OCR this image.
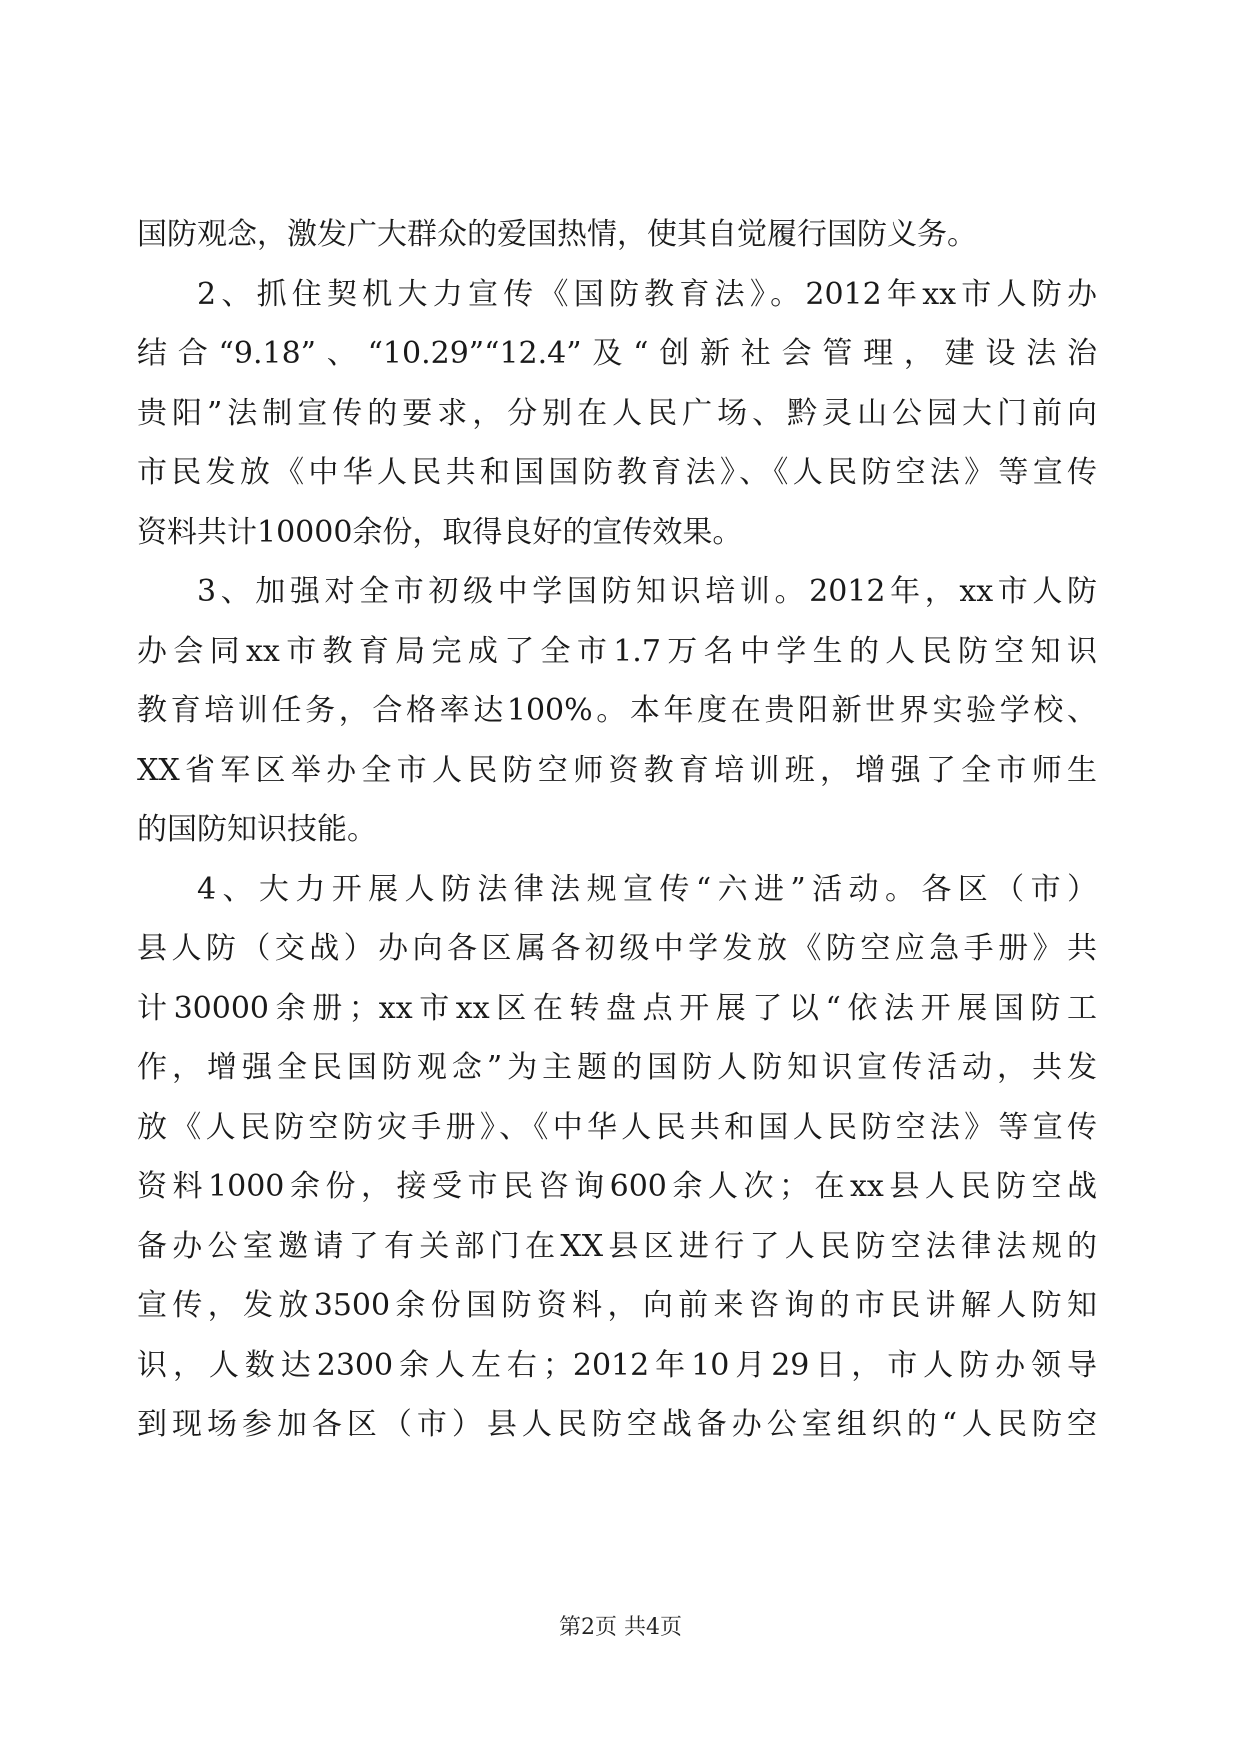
国防观念，激发广大群众的爱国热情，使其自觉履行国防义务。
2、抓住契机大力宣传《国防教育法》。2012年xx市人防办
结合“9.18”、“10.29”“12.4”及“创新社会管理，建设法治
贵阳”法制宣传的要求，分别在人民广场、黔灵山公园大门前向
市民发放《中华人民共和国国防教育法》、《人民防空法》等宣传
资料共计10000余份，取得良好的宣传效果。
3、加强对全市初级中学国防知识培训。2012年，xx市人防
办会同xx市教育局完成了全市1.7万名中学生的人民防空知识
教育培训任务，合格率达100%。本年度在贵阳新世界实验学校、
XX省军区举办全市人民防空师资教育培训班，增强了全市师生
的国防知识技能。
4、大力开展人防法律法规宣传“六进”活动。各区（市）
县人防（交战）办向各区属各初级中学发放《防空应急手册》共
计30000余册；xx市xx区在转盘点开展了以“依法开展国防工
作，增强全民国防观念”为主题的国防人防知识宣传活动，共发
放《人民防空防灾手册》、《中华人民共和国人民防空法》等宣传
资料1000余份，接受市民咨询600余人次；在xx县人民防空战
备办公室邀请了有关部门在XX县区进行了人民防空法律法规的
宣传，发放3500余份国防资料，向前来咨询的市民讲解人防知
识，人数达2300余人左右；2012年10月29日，市人防办领导
到现场参加各区（市）县人民防空战备办公室组织的“人民防空
第2页 共4页
